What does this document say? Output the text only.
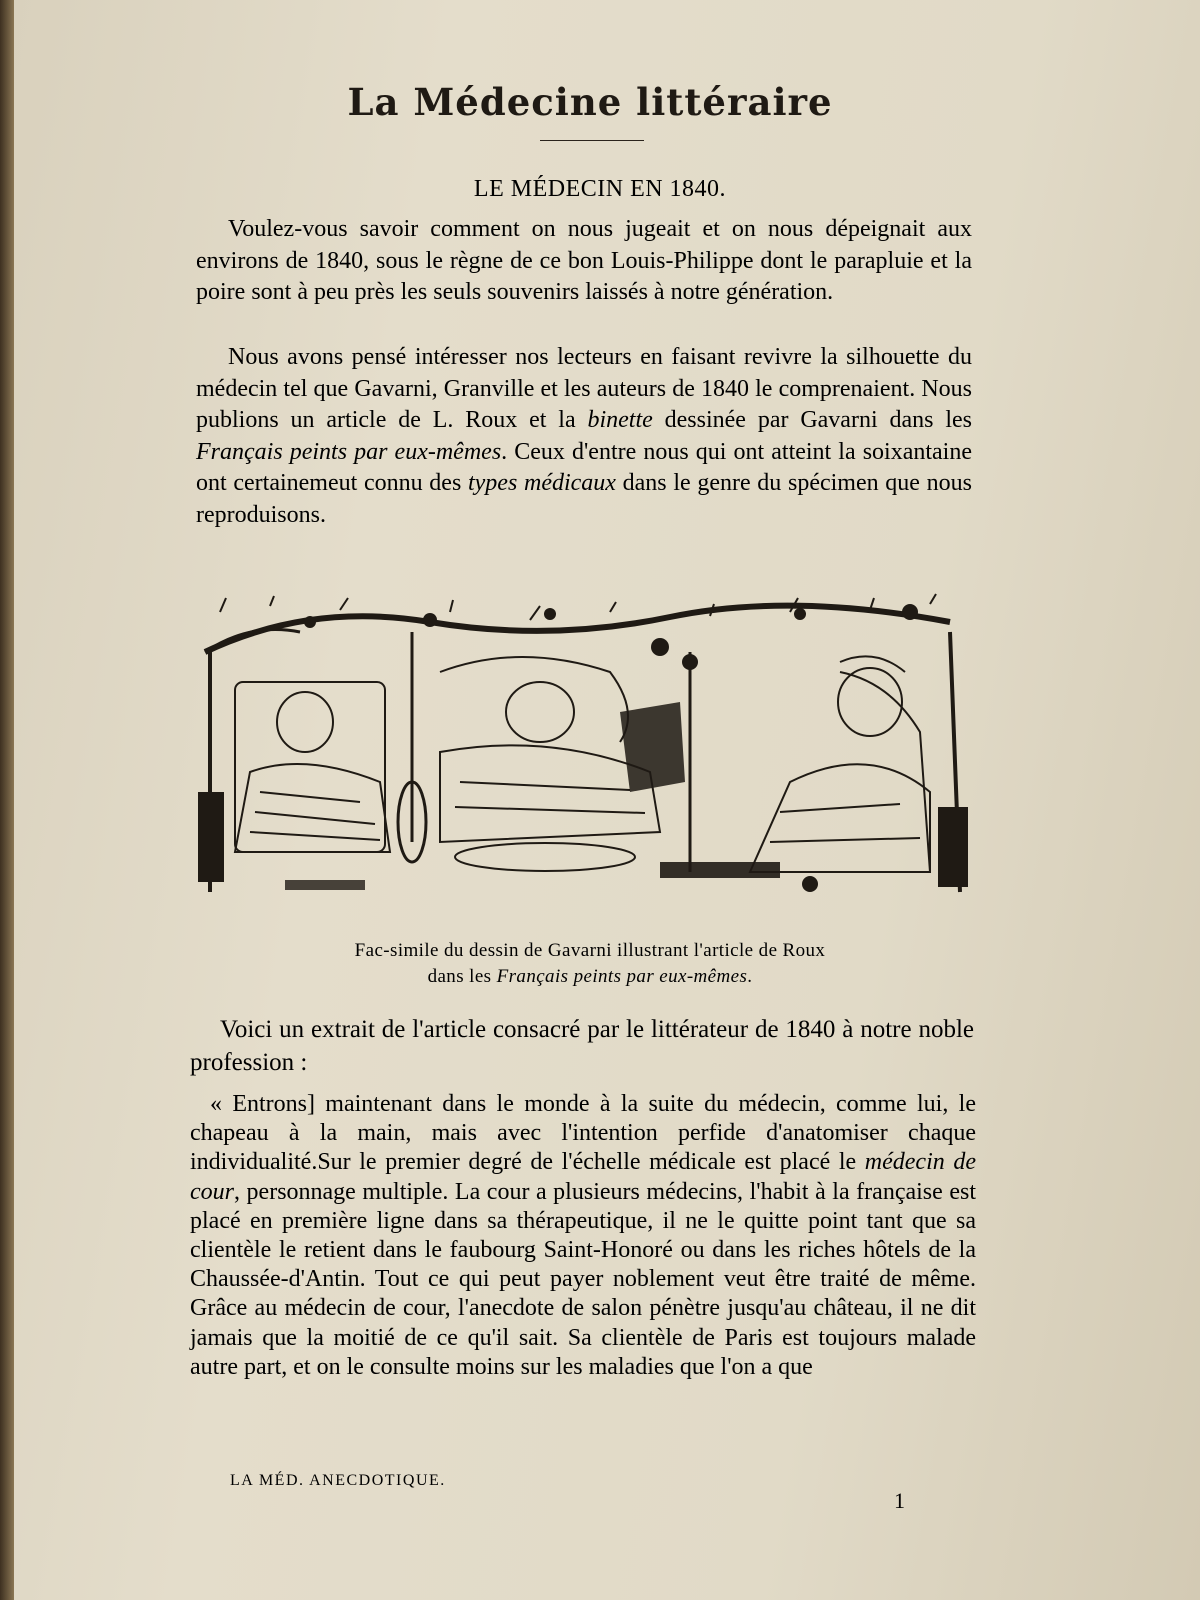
La Médecine littéraire
LE MÉDECIN EN 1840.
Voulez-vous savoir comment on nous jugeait et on nous dépeignait aux environs de 1840, sous le règne de ce bon Louis-Philippe dont le parapluie et la poire sont à peu près les seuls souvenirs laissés à notre génération.
Nous avons pensé intéresser nos lecteurs en faisant revivre la silhouette du médecin tel que Gavarni, Granville et les auteurs de 1840 le comprenaient. Nous publions un article de L. Roux et la binette dessinée par Gavarni dans les Français peints par eux-mêmes. Ceux d'entre nous qui ont atteint la soixantaine ont certainemeut connu des types médicaux dans le genre du spécimen que nous reproduisons.
Fac-simile du dessin de Gavarni illustrant l'article de Roux
dans les Français peints par eux-mêmes.
Voici un extrait de l'article consacré par le littérateur de 1840 à notre noble profession :
« Entrons] maintenant dans le monde à la suite du médecin, comme lui, le chapeau à la main, mais avec l'intention perfide d'anatomiser chaque individualité.Sur le premier degré de l'échelle médicale est placé le médecin de cour, personnage multiple. La cour a plusieurs médecins, l'habit à la française est placé en première ligne dans sa thérapeutique, il ne le quitte point tant que sa clientèle le retient dans le faubourg Saint-Honoré ou dans les riches hôtels de la Chaussée-d'Antin. Tout ce qui peut payer noblement veut être traité de même. Grâce au médecin de cour, l'anecdote de salon pénètre jusqu'au château, il ne dit jamais que la moitié de ce qu'il sait. Sa clientèle de Paris est toujours malade autre part, et on le consulte moins sur les maladies que l'on a que
LA MÉD. ANECDOTIQUE.
1
